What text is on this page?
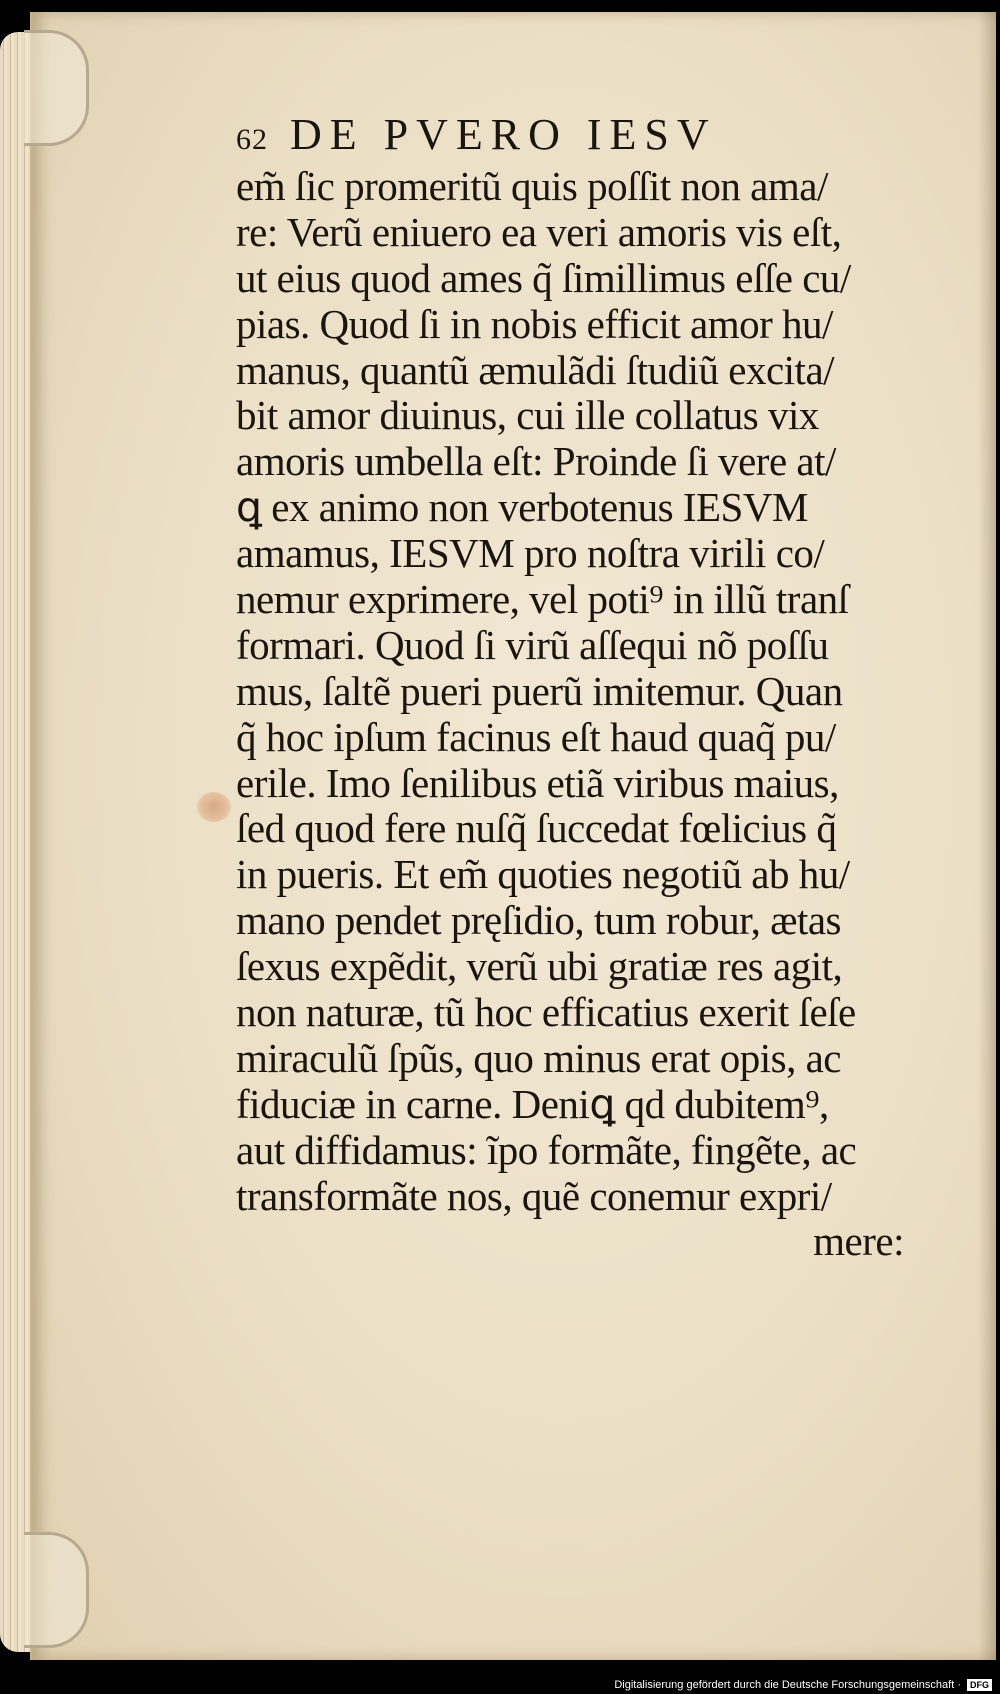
62 DE PVERO IESV
em̃ ſic promeritũ quis poſſit non ama/
re: Verũ eniuero ea veri amoris vis eſt,
ut eius quod ames q̃ ſimillimus eſſe cu/
pias. Quod ſi in nobis efficit amor hu/
manus, quantũ æmulãdi ſtudiũ excita/
bit amor diuinus, cui ille collatus vix
amoris umbella eſt: Proinde ſi vere at/
ꝗ ex animo non verbotenus IESVM
amamus, IESVM pro noſtra virili co/
nemur exprimere, vel poti⁹ in illũ tranſ
formari. Quod ſi virũ aſſequi nõ poſſu
mus, ſaltẽ pueri puerũ imitemur. Quan
q̃ hoc ipſum facinus eſt haud quaq̃ pu/
erile. Imo ſenilibus etiã viribus maius,
ſed quod fere nuſq̃ ſuccedat fœlicius q̃
in pueris. Et em̃ quoties negotiũ ab hu/
mano pendet pręſidio, tum robur, ætas
ſexus expẽdit, verũ ubi gratiæ res agit,
non naturæ, tũ hoc efficatius exerit ſeſe
miraculũ ſpũs, quo minus erat opis, ac
fiduciæ in carne. Deniꝗ qd dubitem⁹,
aut diffidamus: ĩpo formãte, fingẽte, ac
transformãte nos, quẽ conemur expri/
mere:
Digitalisierung gefördert durch die Deutsche Forschungsgemeinschaft · DFG
